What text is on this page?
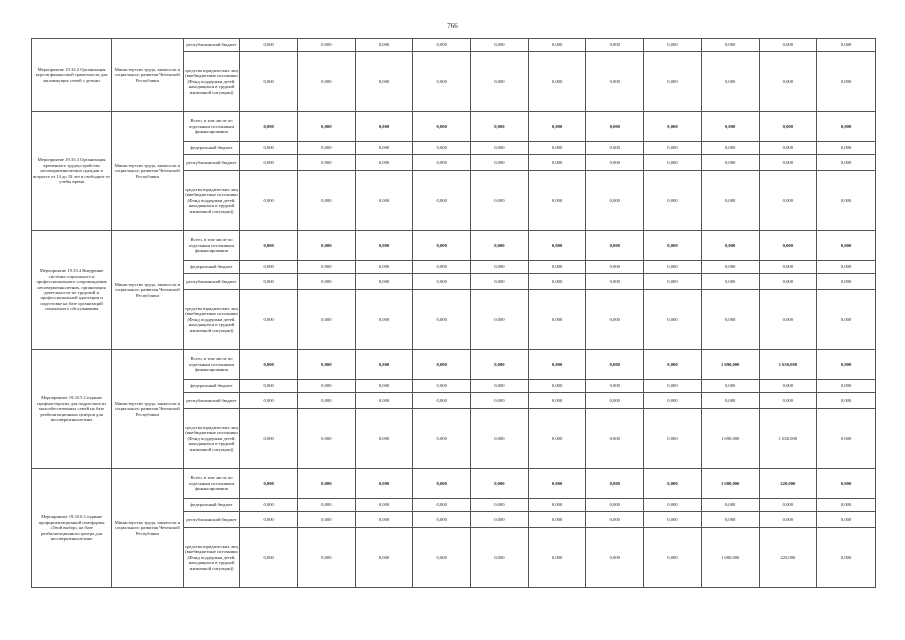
766
Мероприятие 19.32.2 Организация курсов финансовой грамотности для малоимущих семей с детьми	Министерство труда, занятости и социального развития Чеченской Республики	республиканский бюджет	0,000	0,000	0,000	0,000	0,000	0,000	0,000	0,000	0,000	0,000	0,000
		средства юридических лиц (внебюджетные источники (Фонд поддержки детей, находящихся в трудной жизненной ситуации))	0,000	0,000	0,000	0,000	0,000	0,000	0,000	0,000	0,000	0,000	0,000
Мероприятие 19.33.3 Организация временного трудоустройства несовершеннолетних граждан в возрасте от 14 до 18 лет в свободное от учебы время	Министерство труда, занятости и социального развития Чеченской Республики	Всего, в том числе по отдельным источникам финансирования	0,000	0,000	0,000	0,000	0,000	0,000	0,000	0,000	0,000	0,000	0,000
		федеральный бюджет	0,000	0,000	0,000	0,000	0,000	0,000	0,000	0,000	0,000	0,000	0,000
		республиканский бюджет	0,000	0,000	0,000	0,000	0,000	0,000	0,000	0,000	0,000	0,000	0,000
		средства юридических лиц (внебюджетные источники (Фонд поддержки детей, находящихся в трудной жизненной ситуации))	0,000	0,000	0,000	0,000	0,000	0,000	0,000	0,000	0,000	0,000	0,000
Мероприятие 19.33.4 Внедрение системы социального и профессионального сопровождения несовершеннолетних, организация деятельности по трудовой и профессиональной адаптации и подготовке на базе организаций социального обслуживания	Министерство труда, занятости и социального развития Чеченской Республики	Всего, в том числе по отдельным источникам финансирования	0,000	0,000	0,000	0,000	0,000	0,000	0,000	0,000	0,000	0,000	0,000
		федеральный бюджет	0,000	0,000	0,000	0,000	0,000	0,000	0,000	0,000	0,000	0,000	0,000
		республиканский бюджет	0,000	0,000	0,000	0,000	0,000	0,000	0,000	0,000	0,000	0,000	0,000
		средства юридических лиц (внебюджетные источники (Фонд поддержки детей, находящихся в трудной жизненной ситуации))	0,000	0,000	0,000	0,000	0,000	0,000	0,000	0,000	0,000	0,000	0,000
Мероприятие 19.33.5 Создание профмастерских для подростков из малообеспеченных семей на базе реабилитационных центров для несовершеннолетних	Министерство труда, занятости и социального развития Чеченской Республики	Всего, в том числе по отдельным источникам финансирования	0,000	0,000	0,000	0,000	0,000	0,000	0,000	0,000	1 690,000	1 630,000	0,000
		федеральный бюджет	0,000	0,000	0,000	0,000	0,000	0,000	0,000	0,000	0,000	0,000	0,000
		республиканский бюджет	0,000	0,000	0,000	0,000	0,000	0,000	0,000	0,000	0,000	0,000	0,000
		средства юридических лиц (внебюджетные источники (Фонд поддержки детей, находящихся в трудной жизненной ситуации))	0,000	0,000	0,000	0,000	0,000	0,000	0,000	0,000	1 690,000	1 630,000	0,000
Мероприятие 19.33.6 Создание профориентационной платформы «Твой выбор» на базе реабилитационного центра для несовершеннолетних	Министерство труда, занятости и социального развития Чеченской Республики	Всего, в том числе по отдельным источникам финансирования	0,000	0,000	0,000	0,000	0,000	0,000	0,000	0,000	1 680,000	220,000	0,000
		федеральный бюджет	0,000	0,000	0,000	0,000	0,000	0,000	0,000	0,000	0,000	0,000	0,000
		республиканский бюджет	0,000	0,000	0,000	0,000	0,000	0,000	0,000	0,000	0,000	0,000	0,000
		средства юридических лиц (внебюджетные источники (Фонд поддержки детей, находящихся в трудной жизненной ситуации))	0,000	0,000	0,000	0,000	0,000	0,000	0,000	0,000	1 680,000	220,000	0,000
